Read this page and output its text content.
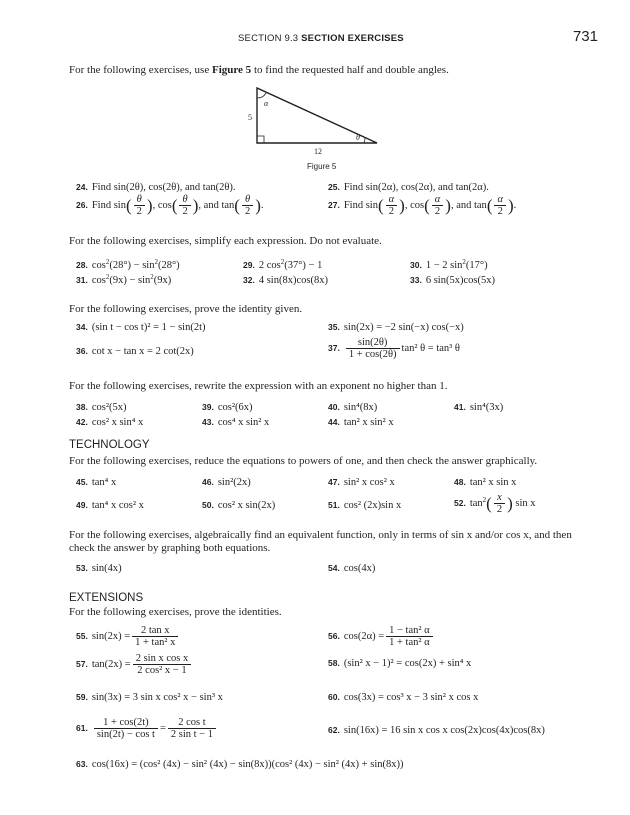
SECTION 9.3 SECTION EXERCISES	731
For the following exercises, use Figure 5 to find the requested half and double angles.
α
θ
5
12
Figure 5
24. Find sin(2θ), cos(2θ), and tan(2θ).	25. Find sin(2α), cos(2α), and tan(2α).
26. Find $\sin( \frac{\theta}{2}$ ), $\cos( \frac{\theta}{2}$ ), and $\tan( \frac{\theta}{2}$ ).	27. Find $\sin( \frac{\alpha}{2}$ ), $\cos( \frac{\alpha}{2}$ ), and $\tan( \frac{\alpha}{2}$ ).
For the following exercises, simplify each expression. Do not evaluate.
28. $\cos^2(28^\circ) - \sin^2(28^\circ)$	29. 2 $\cos^2(37^\circ) - 1$	30. 1 − 2 $\sin^2(17^\circ)$
31. $\cos^2(9x) - \sin^2(9x)$	32. 4 sin(8x)cos(8x)	33. 6 sin(5x)cos(5x)
For the following exercises, prove the identity given.
34. (sin t − cos t)² = 1 − sin(2t)	35. sin(2x) = −2 sin(−x) cos(−x)
36. cot x − tan x = 2 cot(2x)	37. $\frac{\sin(2\theta)}{1 + \cos(2\theta)} \tan^2$ θ = tan³ θ
For the following exercises, rewrite the expression with an exponent no higher than 1.
38. cos²(5x)	39. cos²(6x)	40. sin⁴(8x)	41. sin⁴(3x)
42. cos² x sin⁴ x	43. cos⁴ x sin² x	44. tan² x sin² x
TECHNOLOGY
For the following exercises, reduce the equations to powers of one, and then check the answer graphically.
45. tan⁴ x	46. sin²(2x)	47. sin² x cos² x	48. tan² x sin x
49. tan⁴ x cos² x	50. cos² x sin(2x)	51. cos² (2x)sin x	52. $\tan^2( \frac{x}{2}$ ) sin x
For the following exercises, algebraically find an equivalent function, only in terms of sin x and/or cos x, and then
check the answer by graphing both equations.
53. sin(4x)	54. cos(4x)
EXTENSIONS
For the following exercises, prove the identities.
55. $\sin(2x) = \frac{\text{2 tan x}}{\text{1 + tan² x}}$	56. $\cos(2\alpha) = \frac{\text{1 − tan² α}}{\text{1 + tan² α}}$
57. $\tan(2x) = \frac{\text{2 sin x cos x}}{\text{2 cos² x − 1}}$	58. (sin² x − 1)² = cos(2x) + sin⁴ x
59. sin(3x) = 3 sin x cos² x − sin³ x	60. cos(3x) = cos³ x − 3 sin² x cos x
61. $\frac{1 + \cos(2t)}{\text{sin(2t) − cos t}} = \frac{\text{2 cos t}}{\text{2 sin t − 1}}$	62. sin(16x) = 16 sin x cos x cos(2x)cos(4x)cos(8x)
63. cos(16x) = (cos² (4x) − sin² (4x) − sin(8x))(cos² (4x) − sin² (4x) + sin(8x))
